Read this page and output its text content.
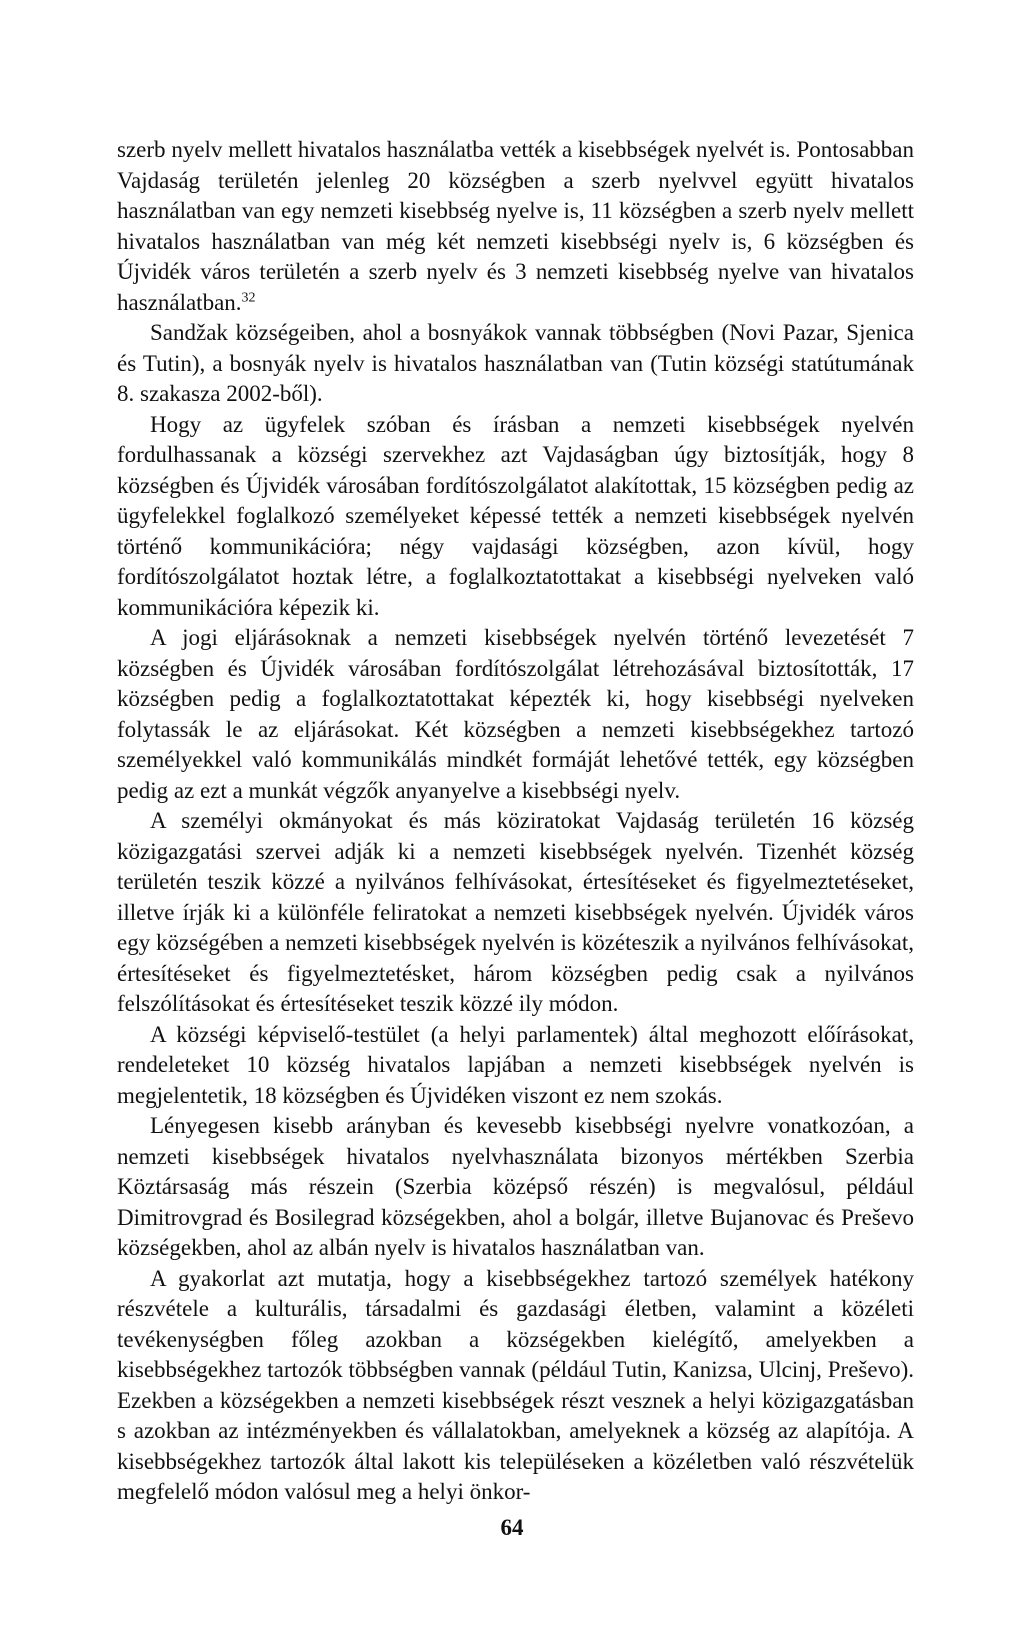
szerb nyelv mellett hivatalos használatba vették a kisebbségek nyelvét is. Pontosabban Vajdaság területén jelenleg 20 községben a szerb nyelvvel együtt hivatalos használatban van egy nemzeti kisebbség nyelve is, 11 községben a szerb nyelv mellett hivatalos használatban van még két nemzeti kisebbségi nyelv is, 6 községben és Újvidék város területén a szerb nyelv és 3 nemzeti kisebbség nyelve van hivatalos használatban.$^{32}$

Sandžak községeiben, ahol a bosnyákok vannak többségben (Novi Pazar, Sjenica és Tutin), a bosnyák nyelv is hivatalos használatban van (Tutin községi statútumának 8. szakasza 2002-ből).

Hogy az ügyfelek szóban és írásban a nemzeti kisebbségek nyelvén fordulhassanak a községi szervekhez azt Vajdaságban úgy biztosítják, hogy 8 községben és Újvidék városában fordítószolgálatot alakítottak, 15 községben pedig az ügyfelekkel foglalkozó személyeket képessé tették a nemzeti kisebbségek nyelvén történő kommunikációra; négy vajdasági községben, azon kívül, hogy fordítószolgálatot hoztak létre, a foglalkoztatottakat a kisebbségi nyelveken való kommunikációra képezik ki.

A jogi eljárásoknak a nemzeti kisebbségek nyelvén történő levezetését 7 községben és Újvidék városában fordítószolgálat létrehozásával biztosították, 17 községben pedig a foglalkoztatottakat képezték ki, hogy kisebbségi nyelveken folytassák le az eljárásokat. Két községben a nemzeti kisebbségekhez tartozó személyekkel való kommunikálás mindkét formáját lehetővé tették, egy községben pedig az ezt a munkát végzők anyanyelve a kisebbségi nyelv.

A személyi okmányokat és más köziratokat Vajdaság területén 16 község közigazgatási szervei adják ki a nemzeti kisebbségek nyelvén. Tizenhét község területén teszik közzé a nyilvános felhívásokat, értesítéseket és figyelmeztetéseket, illetve írják ki a különféle feliratokat a nemzeti kisebbségek nyelvén. Újvidék város egy községében a nemzeti kisebbségek nyelvén is közéteszik a nyilvános felhívásokat, értesítéseket és figyelmeztetésket, három községben pedig csak a nyilvános felszólításokat és értesítéseket teszik közzé ily módon.

A községi képviselő-testület (a helyi parlamentek) által meghozott előírásokat, rendeleteket 10 község hivatalos lapjában a nemzeti kisebbségek nyelvén is megjelentetik, 18 községben és Újvidéken viszont ez nem szokás.

Lényegesen kisebb arányban és kevesebb kisebbségi nyelvre vonatkozóan, a nemzeti kisebbségek hivatalos nyelvhasználata bizonyos mértékben Szerbia Köztársaság más részein (Szerbia középső részén) is megvalósul, például Dimitrovgrad és Bosilegrad községekben, ahol a bolgár, illetve Bujanovac és Preševo községekben, ahol az albán nyelv is hivatalos használatban van.

A gyakorlat azt mutatja, hogy a kisebbségekhez tartozó személyek hatékony részvétele a kulturális, társadalmi és gazdasági életben, valamint a közéleti tevékenységben főleg azokban a községekben kielégítő, amelyekben a kisebbségekhez tartozók többségben vannak (például Tutin, Kanizsa, Ulcinj, Preševo). Ezekben a községekben a nemzeti kisebbségek részt vesznek a helyi közigazgatásban s azokban az intézményekben és vállalatokban, amelyeknek a község az alapítója. A kisebbségekhez tartozók által lakott kis településeken a közéletben való részvételük megfelelő módon valósul meg a helyi önkor-

64
